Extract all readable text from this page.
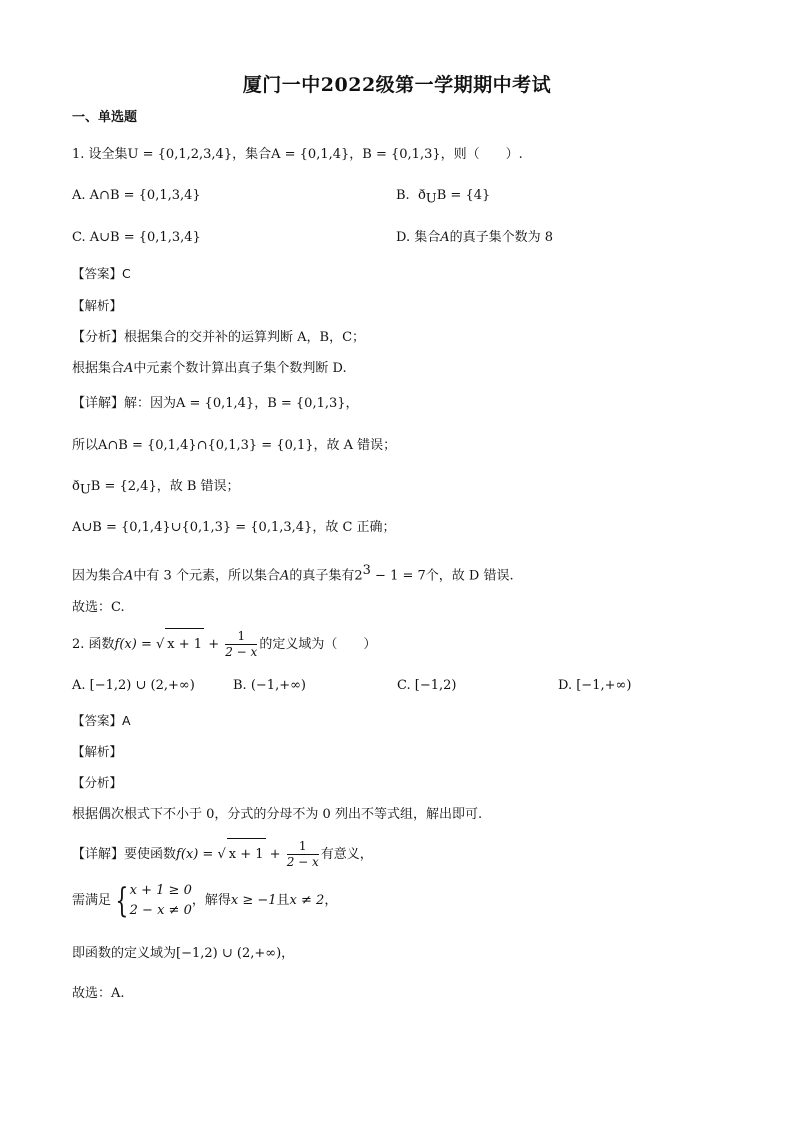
厦门一中2022级第一学期期中考试
一、单选题
1. 设全集U = {0,1,2,3,4}，集合A = {0,1,4}，B = {0,1,3}，则（　　）.
A. A∩B = {0,1,3,4}	B. $ð_UB = \{4\}$
C. A∪B = {0,1,3,4}	D. 集合A的真子集个数为 8
【答案】C
【解析】
【分析】根据集合的交并补的运算判断 A，B，C；
根据集合A中元素个数计算出真子集个数判断 D.
【详解】解：因为A = {0,1,4}，B = {0,1,3}，
所以A∩B = {0,1,4}∩{0,1,3} = {0,1}，故 A 错误；
$ð_UB = \{2,4\}$，故 B 错误；
A∪B = {0,1,4}∪{0,1,3} = {0,1,3,4}，故 C 正确；
因为集合A中有 3 个元素，所以集合A的真子集有$2^3 - 1 = 7$个，故 D 错误.
故选：C.
2. 函数f(x) = √ $x + 1 + \frac{1}{2 - x}$ 的定义域为（　　）
A. [−1,2) ∪ (2,+∞)	B. (−1,+∞)	C. [−1,2)	D. [−1,+∞)
【答案】A
【解析】
【分析】
根据偶次根式下不小于 0，分式的分母不为 0 列出不等式组，解出即可.
【详解】要使函数f(x) = √ $x + 1 + \frac{1}{2 - x}$ 有意义，
需满足 { x + 1 ≥ 0
2 − x ≠ 0
，解得x ≥ −1且x ≠ 2，
即函数的定义域为[−1,2) ∪ (2,+∞)，
故选：A.
